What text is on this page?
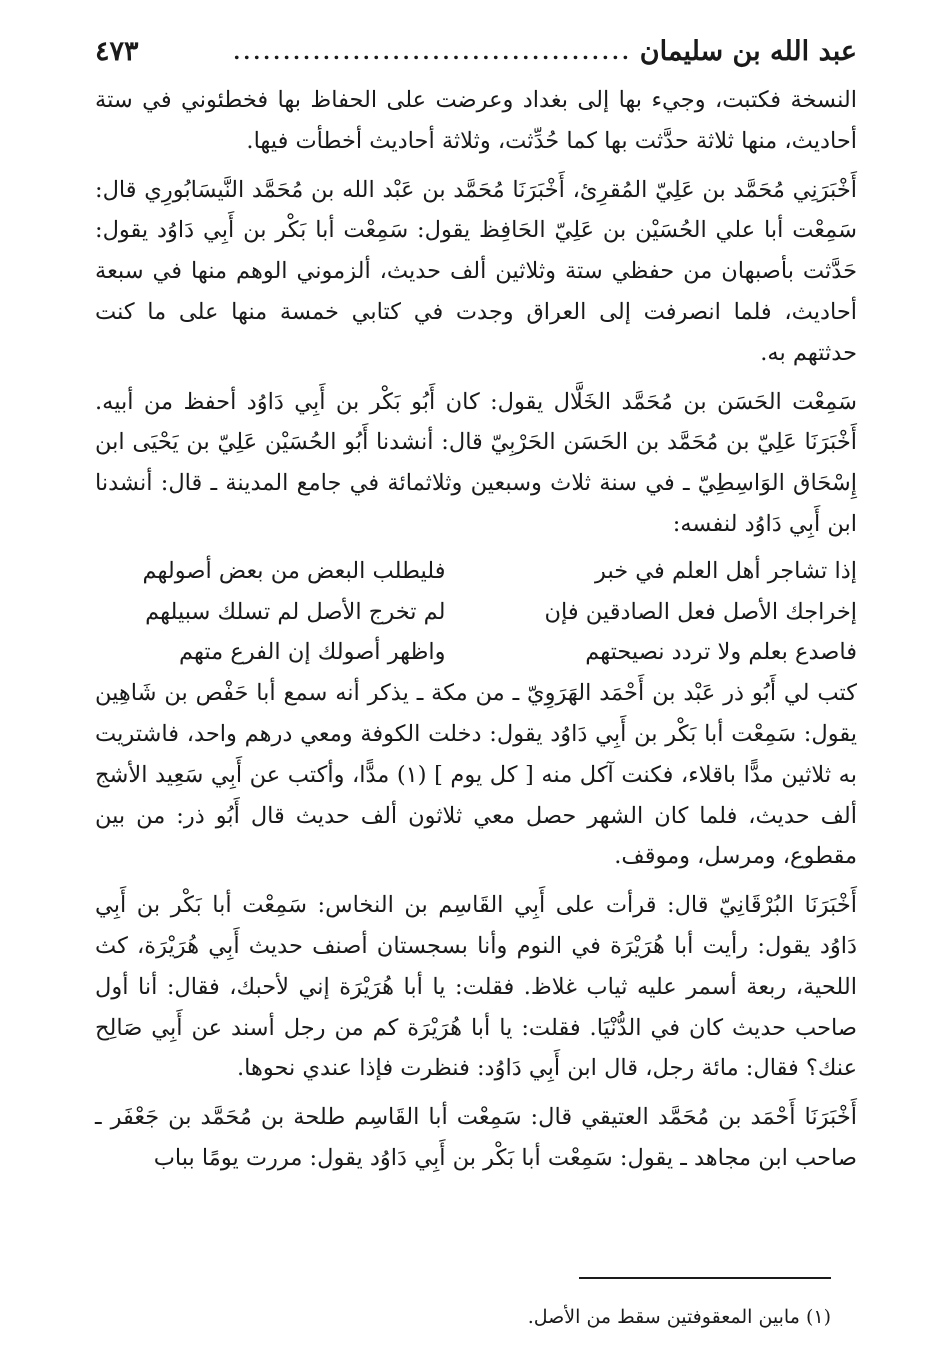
عبد الله بن سليمان
........................................
٤٧٣

النسخة فكتبت، وجيء بها إلى بغداد وعرضت على الحفاظ بها فخطئوني في ستة أحاديث، منها ثلاثة حدَّثت بها كما حُدِّثت، وثلاثة أحاديث أخطأت فيها.

أَخْبَرَنِي مُحَمَّد بن عَلِيّ المُقرِئ، أَخْبَرَنَا مُحَمَّد بن عَبْد الله بن مُحَمَّد النَّيسَابُورِي قال: سَمِعْت أبا علي الحُسَيْن بن عَلِيّ الحَافِظ يقول: سَمِعْت أبا بَكْر بن أَبِي دَاوُد يقول: حَدَّثت بأصبهان من حفظي ستة وثلاثين ألف حديث، ألزموني الوهم منها في سبعة أحاديث، فلما انصرفت إلى العراق وجدت في كتابي خمسة منها على ما كنت حدثتهم به.

سَمِعْت الحَسَن بن مُحَمَّد الخَلَّال يقول: كان أَبُو بَكْر بن أَبِي دَاوُد أحفظ من أبيه. أَخْبَرَنَا عَلِيّ بن مُحَمَّد بن الحَسَن الحَرْبِيّ قال: أنشدنا أَبُو الحُسَيْن عَلِيّ بن يَحْيَى ابن إِسْحَاق الوَاسِطِيّ ـ في سنة ثلاث وسبعين وثلاثمائة في جامع المدينة ـ قال: أنشدنا ابن أَبِي دَاوُد لنفسه:

إذا تشاجر أهل العلم في خبر
فليطلب البعض من بعض أصولهم
إخراجك الأصل فعل الصادقين فإن
لم تخرج الأصل لم تسلك سبيلهم
فاصدع بعلم ولا تردد نصيحتهم
واظهر أصولك إن الفرع متهم

كتب لي أَبُو ذر عَبْد بن أَحْمَد الهَرَوِيّ ـ من مكة ـ يذكر أنه سمع أبا حَفْص بن شَاهِين يقول: سَمِعْت أبا بَكْر بن أَبِي دَاوُد يقول: دخلت الكوفة ومعي درهم واحد، فاشتريت به ثلاثين مدًّا باقلاء، فكنت آكل منه [ كل يوم ] (١) مدًّا، وأكتب عن أَبِي سَعِيد الأشج ألف حديث، فلما كان الشهر حصل معي ثلاثون ألف حديث قال أَبُو ذر: من بين مقطوع، ومرسل، وموقف.

أَخْبَرَنَا البُرْقَانِيّ قال: قرأت على أَبِي القَاسِم بن النخاس: سَمِعْت أبا بَكْر بن أَبِي دَاوُد يقول: رأيت أبا هُرَيْرَة في النوم وأنا بسجستان أصنف حديث أَبِي هُرَيْرَة، كث اللحية، ربعة أسمر عليه ثياب غلاظ. فقلت: يا أبا هُرَيْرَة إني لأحبك، فقال: أنا أول صاحب حديث كان في الدُّنْيَا. فقلت: يا أبا هُرَيْرَة كم من رجل أسند عن أَبِي صَالِح عنك؟ فقال: مائة رجل، قال ابن أَبِي دَاوُد: فنظرت فإذا عندي نحوها.

أَخْبَرَنَا أَحْمَد بن مُحَمَّد العتيقي قال: سَمِعْت أبا القَاسِم طلحة بن مُحَمَّد بن جَعْفَر ـ صاحب ابن مجاهد ـ يقول: سَمِعْت أبا بَكْر بن أَبِي دَاوُد يقول: مررت يومًا بباب

(١) مابين المعقوفتين سقط من الأصل.
